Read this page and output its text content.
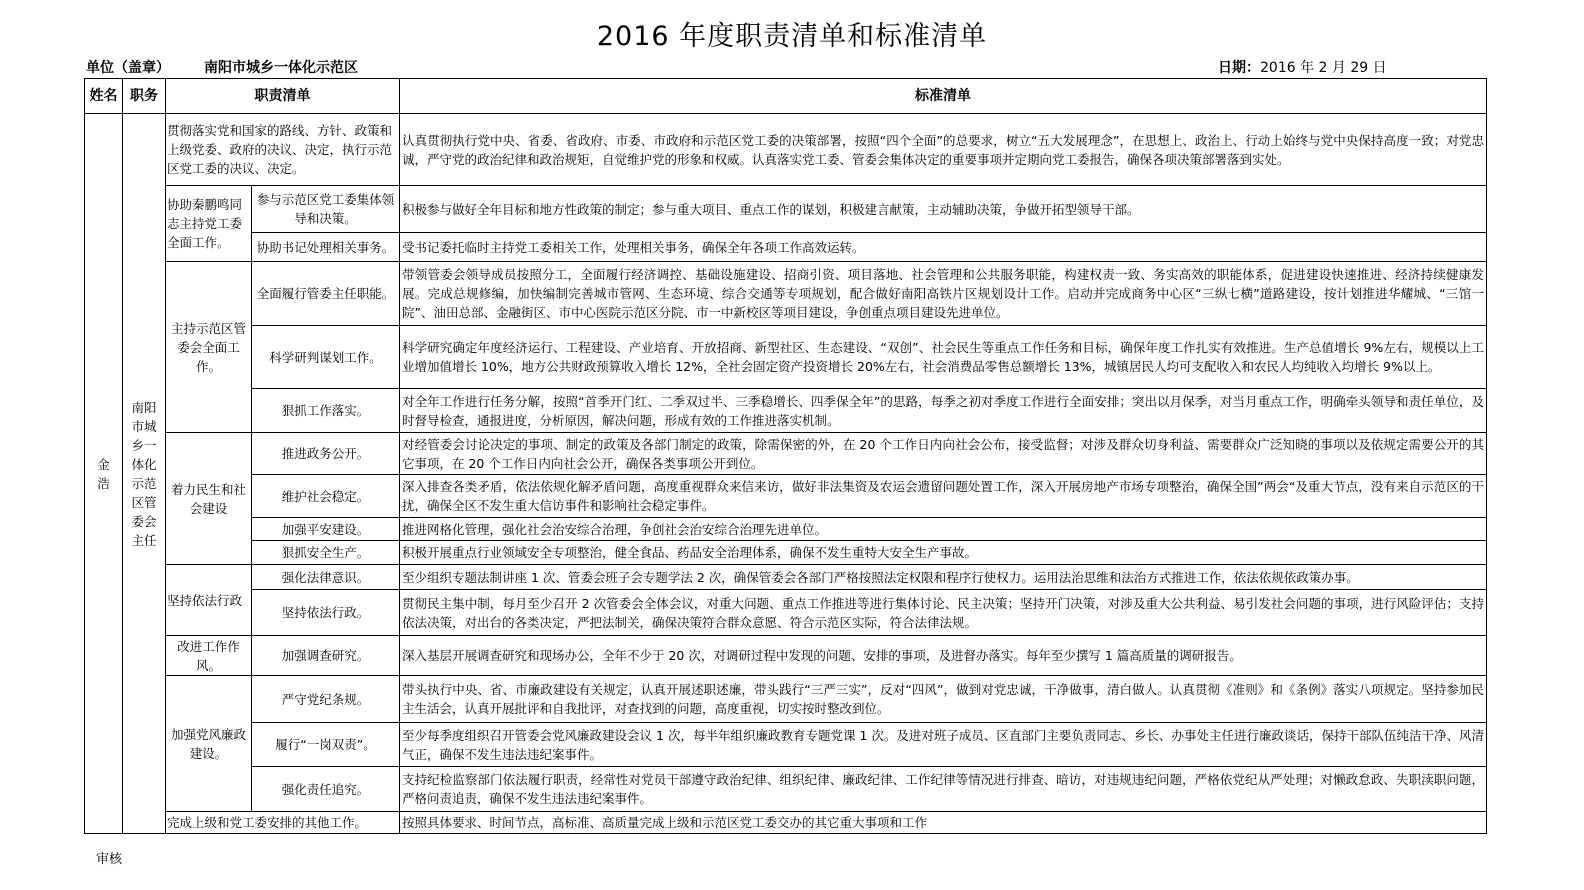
2016 年度职责清单和标准清单
单位（盖章） 南阳市城乡一体化示范区	日期：2016 年 2 月 29 日
姓名	职务	职责清单		标准清单
金浩	南阳市城乡一体化示范区管委会主任	贯彻落实党和国家的路线、方针、政策和上级党委、政府的决议、决定，执行示范区党工委的决议、决定。		认真贯彻执行党中央、省委、省政府、市委、市政府和示范区党工委的决策部署，按照“四个全面”的总要求，树立“五大发展理念”，在思想上、政治上、行动上始终与党中央保持高度一致；对党忠诚，严守党的政治纪律和政治规矩，自觉维护党的形象和权威。认真落实党工委、管委会集体决定的重要事项并定期向党工委报告，确保各项决策部署落到实处。
		协助秦鹏鸣同志主持党工委全面工作。	参与示范区党工委集体领导和决策。	积极参与做好全年目标和地方性政策的制定；参与重大项目、重点工作的谋划，积极建言献策，主动辅助决策，争做开拓型领导干部。
			协助书记处理相关事务。	受书记委托临时主持党工委相关工作，处理相关事务，确保全年各项工作高效运转。
		主持示范区管委会全面工作。	全面履行管委主任职能。	带领管委会领导成员按照分工，全面履行经济调控、基础设施建设、招商引资、项目落地、社会管理和公共服务职能，构建权责一致、务实高效的职能体系，促进建设快速推进、经济持续健康发展。完成总规修编，加快编制完善城市管网、生态环境、综合交通等专项规划，配合做好南阳高铁片区规划设计工作。启动并完成商务中心区“三纵七横”道路建设，按计划推进华耀城、“三馆一院”、油田总部、金融街区、市中心医院示范区分院、市一中新校区等项目建设，争创重点项目建设先进单位。
			科学研判谋划工作。	科学研究确定年度经济运行、工程建设、产业培育、开放招商、新型社区、生态建设、“双创”、社会民生等重点工作任务和目标，确保年度工作扎实有效推进。生产总值增长 9%左右，规模以上工业增加值增长 10%，地方公共财政预算收入增长 12%，全社会固定资产投资增长 20%左右，社会消费品零售总额增长 13%，城镇居民人均可支配收入和农民人均纯收入均增长 9%以上。
			狠抓工作落实。	对全年工作进行任务分解，按照“首季开门红、二季双过半、三季稳增长、四季保全年”的思路，每季之初对季度工作进行全面安排；突出以月保季，对当月重点工作，明确牵头领导和责任单位，及时督导检查，通报进度，分析原因，解决问题，形成有效的工作推进落实机制。
		着力民生和社会建设	推进政务公开。	对经管委会讨论决定的事项、制定的政策及各部门制定的政策，除需保密的外，在 20 个工作日内向社会公布，接受监督；对涉及群众切身利益、需要群众广泛知晓的事项以及依规定需要公开的其它事项，在 20 个工作日内向社会公开，确保各类事项公开到位。
			维护社会稳定。	深入排查各类矛盾，依法依规化解矛盾问题，高度重视群众来信来访，做好非法集资及农运会遗留问题处置工作，深入开展房地产市场专项整治，确保全国”两会“及重大节点，没有来自示范区的干扰，确保全区不发生重大信访事件和影响社会稳定事件。
			加强平安建设。	推进网格化管理，强化社会治安综合治理，争创社会治安综合治理先进单位。
			狠抓安全生产。	积极开展重点行业领域安全专项整治，健全食品、药品安全治理体系，确保不发生重特大安全生产事故。
		坚持依法行政	强化法律意识。	至少组织专题法制讲座 1 次、管委会班子会专题学法 2 次，确保管委会各部门严格按照法定权限和程序行使权力。运用法治思维和法治方式推进工作，依法依规依政策办事。
			坚持依法行政。	贯彻民主集中制，每月至少召开 2 次管委会全体会议，对重大问题、重点工作推进等进行集体讨论、民主决策；坚持开门决策，对涉及重大公共利益、易引发社会问题的事项，进行风险评估；支持依法决策，对出台的各类决定，严把法制关，确保决策符合群众意愿、符合示范区实际，符合法律法规。
		改进工作作风。	加强调查研究。	深入基层开展调查研究和现场办公，全年不少于 20 次，对调研过程中发现的问题、安排的事项，及进督办落实。每年至少撰写 1 篇高质量的调研报告。
		加强党风廉政建设。	严守党纪条规。	带头执行中央、省、市廉政建设有关规定，认真开展述职述廉，带头践行“三严三实”，反对“四风”，做到对党忠诚，干净做事，清白做人。认真贯彻《准则》和《条例》落实八项规定。坚持参加民主生活会，认真开展批评和自我批评，对查找到的问题，高度重视，切实按时整改到位。
			履行“一岗双责”。	至少每季度组织召开管委会党风廉政建设会议 1 次，每半年组织廉政教育专题党课 1 次。及进对班子成员、区直部门主要负责同志、乡长、办事处主任进行廉政谈话，保持干部队伍纯洁干净、风清气正，确保不发生违法违纪案事件。
			强化责任追究。	支持纪检监察部门依法履行职责，经常性对党员干部遵守政治纪律、组织纪律、廉政纪律、工作纪律等情况进行排查、暗访，对违规违纪问题，严格依党纪从严处理；对懒政怠政、失职渎职问题，严格问责追责，确保不发生违法违纪案事件。
		完成上级和党工委安排的其他工作。		按照具体要求、时间节点，高标准、高质量完成上级和示范区党工委交办的其它重大事项和工作
审核
